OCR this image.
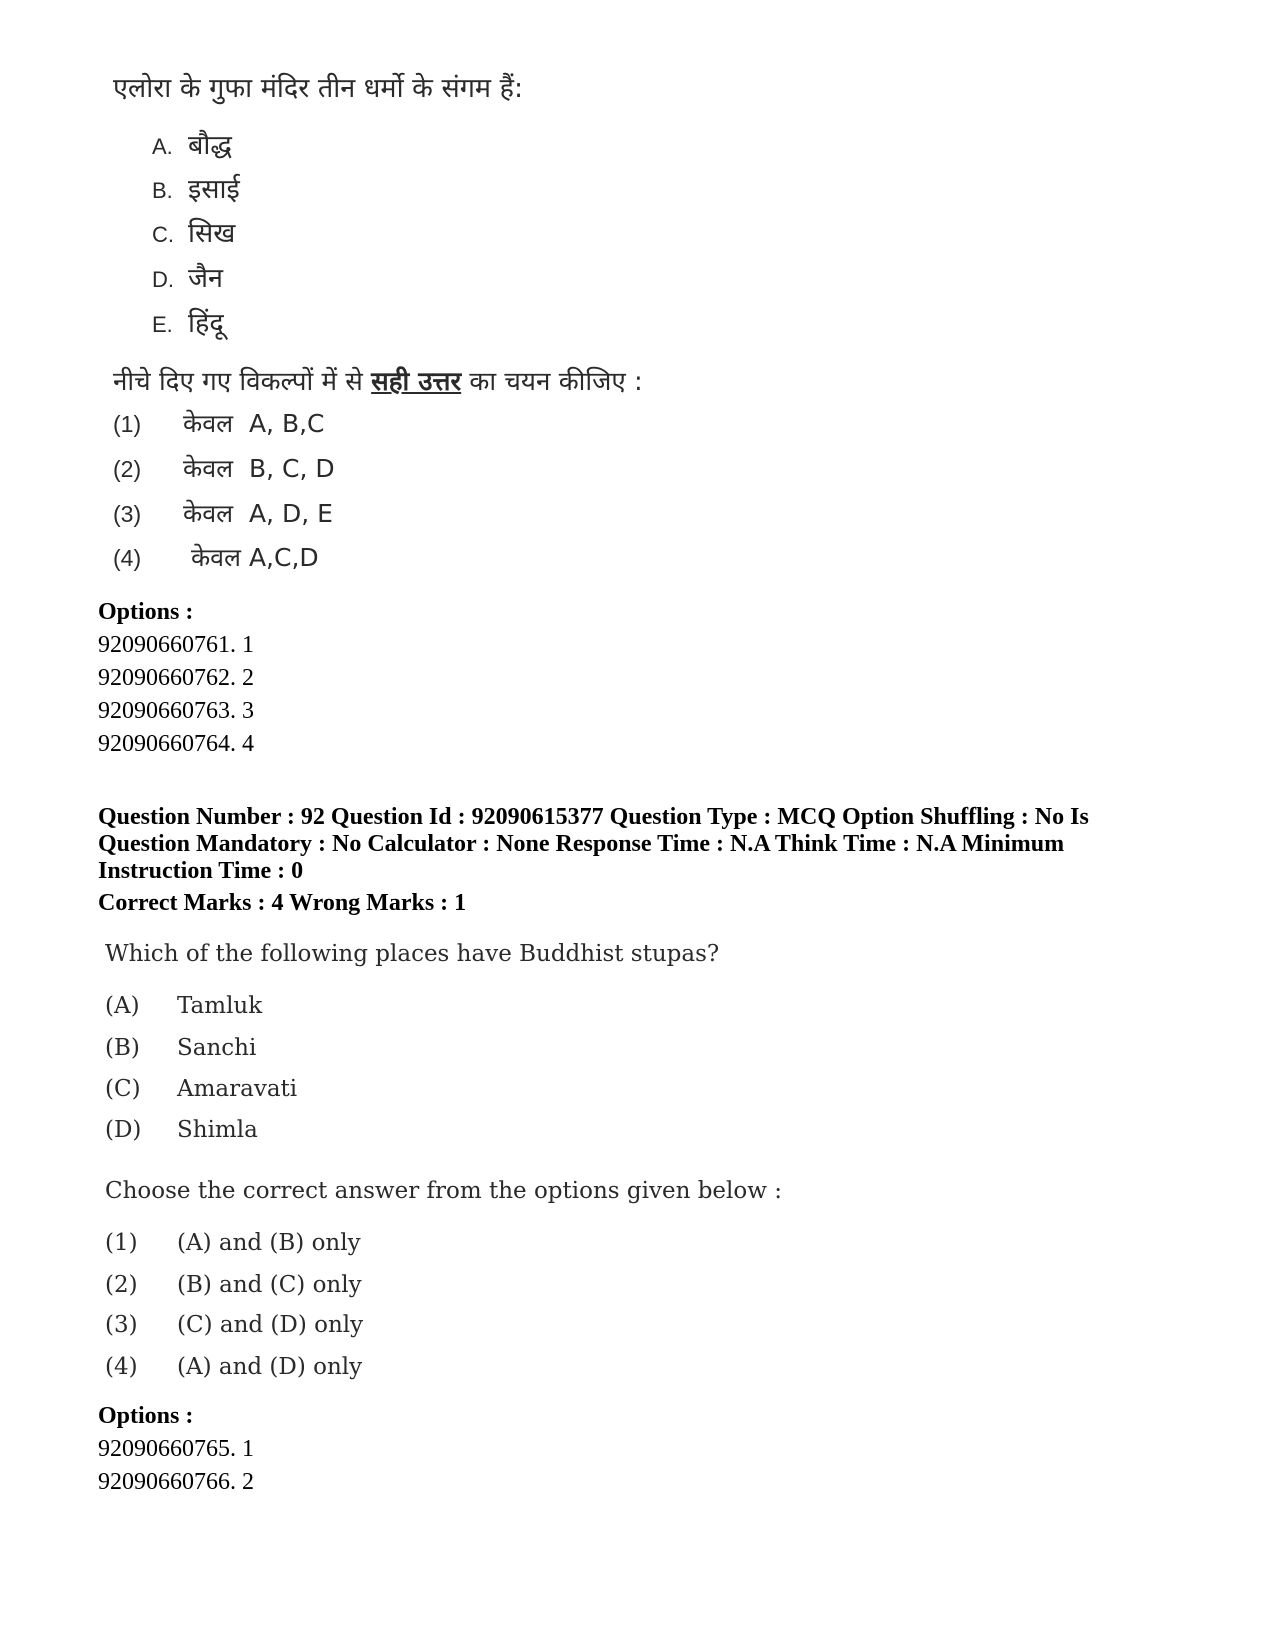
एलोरा के गुफा मंदिर तीन धर्मो के संगम हैं:
A. बौद्ध
B. इसाई
C. सिख
D. जैन
E. हिंदू
नीचे दिए गए विकल्पों में से सही उत्तर का चयन कीजिए :
(1) केवल  A, B,C
(2) केवल  B, C, D
(3) केवल  A, D, E
(4) केवल A,C,D
Options :
92090660761. 1
92090660762. 2
92090660763. 3
92090660764. 4
Question Number : 92 Question Id : 92090615377 Question Type : MCQ Option Shuffling : No Is
Question Mandatory : No Calculator : None Response Time : N.A Think Time : N.A Minimum
Instruction Time : 0
Correct Marks : 4 Wrong Marks : 1
Which of the following places have Buddhist stupas?
(A) Tamluk
(B) Sanchi
(C) Amaravati
(D) Shimla
Choose the correct answer from the options given below :
(1) (A) and (B) only
(2) (B) and (C) only
(3) (C) and (D) only
(4) (A) and (D) only
Options :
92090660765. 1
92090660766. 2
